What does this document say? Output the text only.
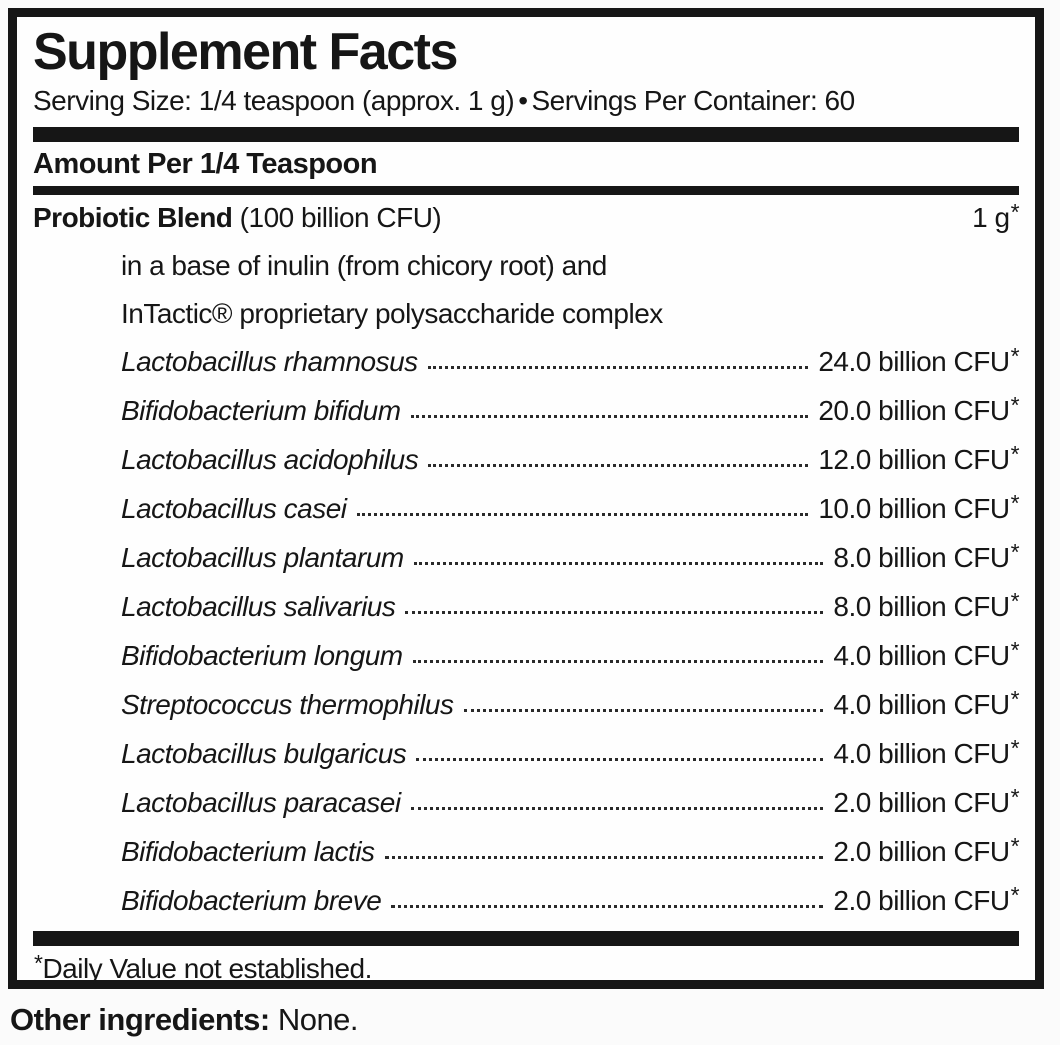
Supplement Facts
Serving Size: 1/4 teaspoon (approx. 1 g) • Servings Per Container: 60
Amount Per 1/4 Teaspoon
Probiotic Blend (100 billion CFU)	1 g*
in a base of inulin (from chicory root) and
InTactic® proprietary polysaccharide complex
Lactobacillus rhamnosus	24.0 billion CFU*
Bifidobacterium bifidum	20.0 billion CFU*
Lactobacillus acidophilus	12.0 billion CFU*
Lactobacillus casei	10.0 billion CFU*
Lactobacillus plantarum	8.0 billion CFU*
Lactobacillus salivarius	8.0 billion CFU*
Bifidobacterium longum	4.0 billion CFU*
Streptococcus thermophilus	4.0 billion CFU*
Lactobacillus bulgaricus	4.0 billion CFU*
Lactobacillus paracasei	2.0 billion CFU*
Bifidobacterium lactis	2.0 billion CFU*
Bifidobacterium breve	2.0 billion CFU*
*Daily Value not established.
Other ingredients: None.
